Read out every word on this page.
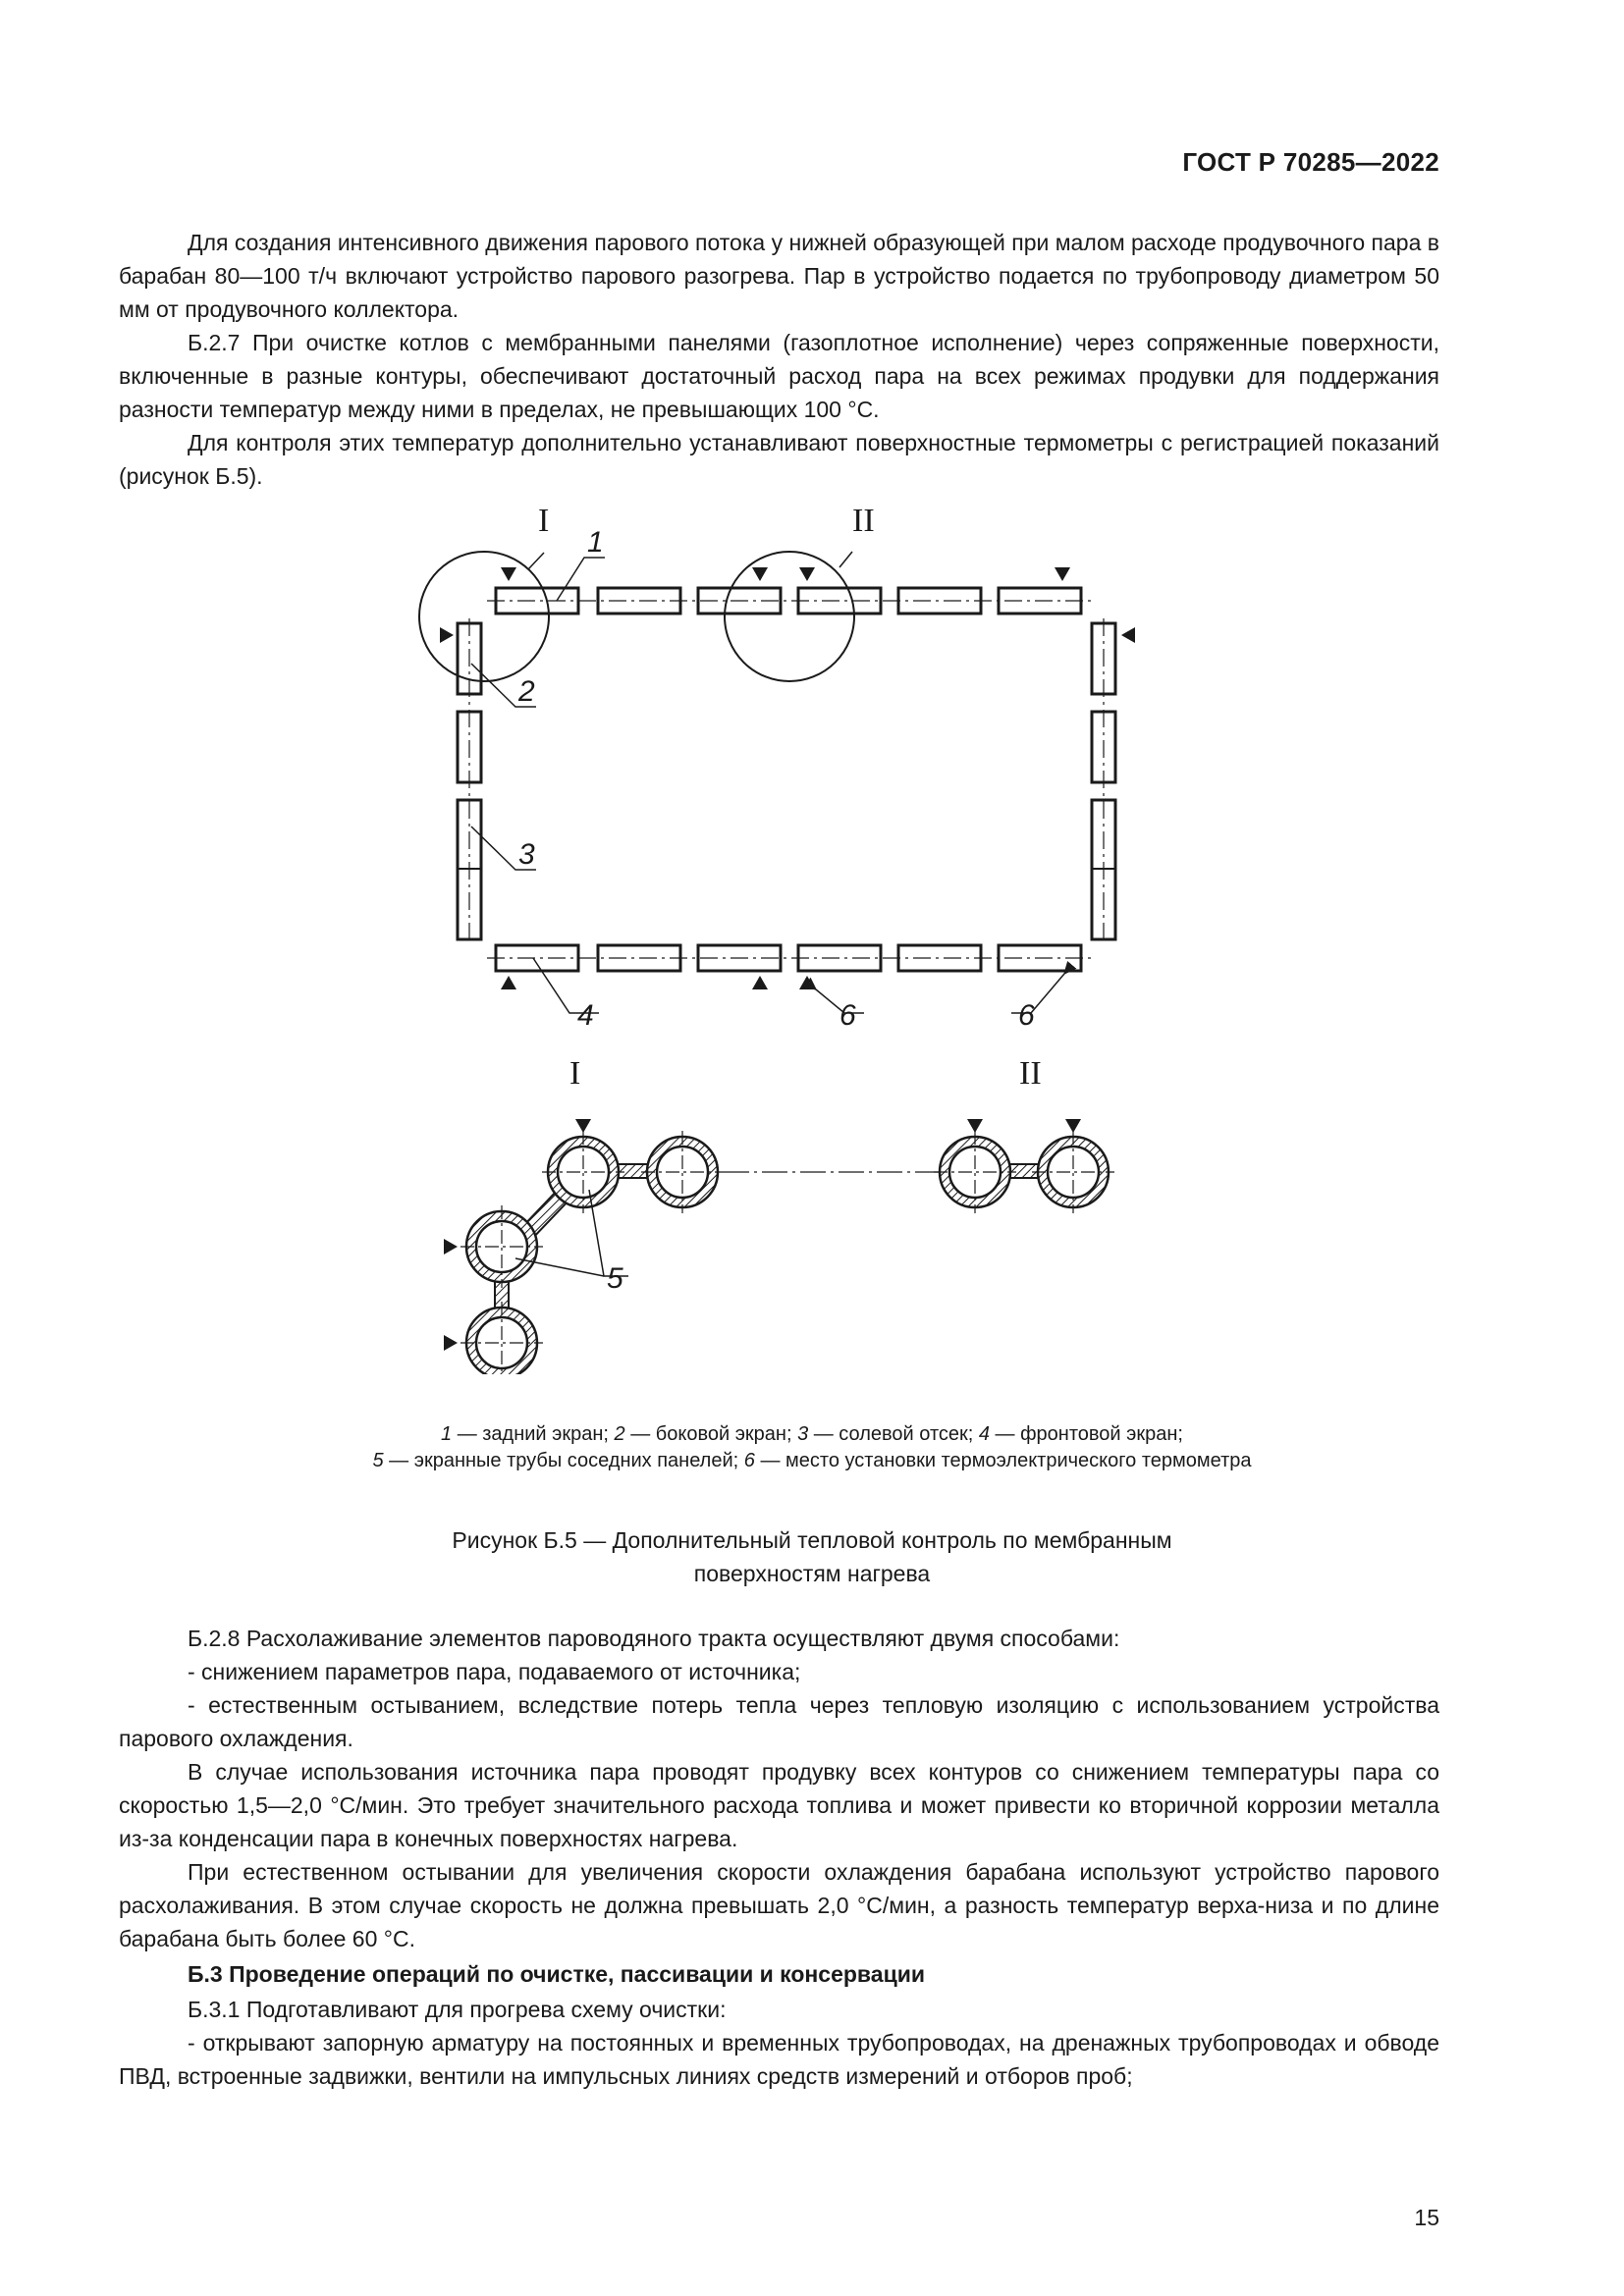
ГОСТ Р 70285—2022

Для создания интенсивного движения парового потока у нижней образующей при малом расходе продувочного пара в барабан 80—100 т/ч включают устройство парового разогрева. Пар в устройство подается по трубопроводу диаметром 50 мм от продувочного коллектора.

Б.2.7 При очистке котлов с мембранными панелями (газоплотное исполнение) через сопряженные поверхности, включенные в разные контуры, обеспечивают достаточный расход пара на всех режимах продувки для поддержания разности температур между ними в пределах, не превышающих 100 °С.

Для контроля этих температур дополнительно устанавливают поверхностные термометры с регистрацией показаний (рисунок Б.5).

1
2
3
4	6	6
5
I	II
I	II
1 — задний экран; 2 — боковой экран; 3 — солевой отсек; 4 — фронтовой экран;
5 — экранные трубы соседних панелей; 6 — место установки термоэлектрического термометра
Рисунок Б.5 — Дополнительный тепловой контроль по мембранным
поверхностям нагрева

Б.2.8 Расхолаживание элементов пароводяного тракта осуществляют двумя способами:

- снижением параметров пара, подаваемого от источника;

- естественным остыванием, вследствие потерь тепла через тепловую изоляцию с использованием устройства парового охлаждения.

В случае использования источника пара проводят продувку всех контуров со снижением температуры пара со скоростью 1,5—2,0 °С/мин. Это требует значительного расхода топлива и может привести ко вторичной коррозии металла из-за конденсации пара в конечных поверхностях нагрева.

При естественном остывании для увеличения скорости охлаждения барабана используют устройство парового расхолаживания. В этом случае скорость не должна превышать 2,0 °С/мин, а разность температур верха-низа и по длине барабана быть более 60 °С.

Б.3 Проведение операций по очистке, пассивации и консервации

Б.3.1 Подготавливают для прогрева схему очистки:

- открывают запорную арматуру на постоянных и временных трубопроводах, на дренажных трубопроводах и обводе ПВД, встроенные задвижки, вентили на импульсных линиях средств измерений и отборов проб;

15
